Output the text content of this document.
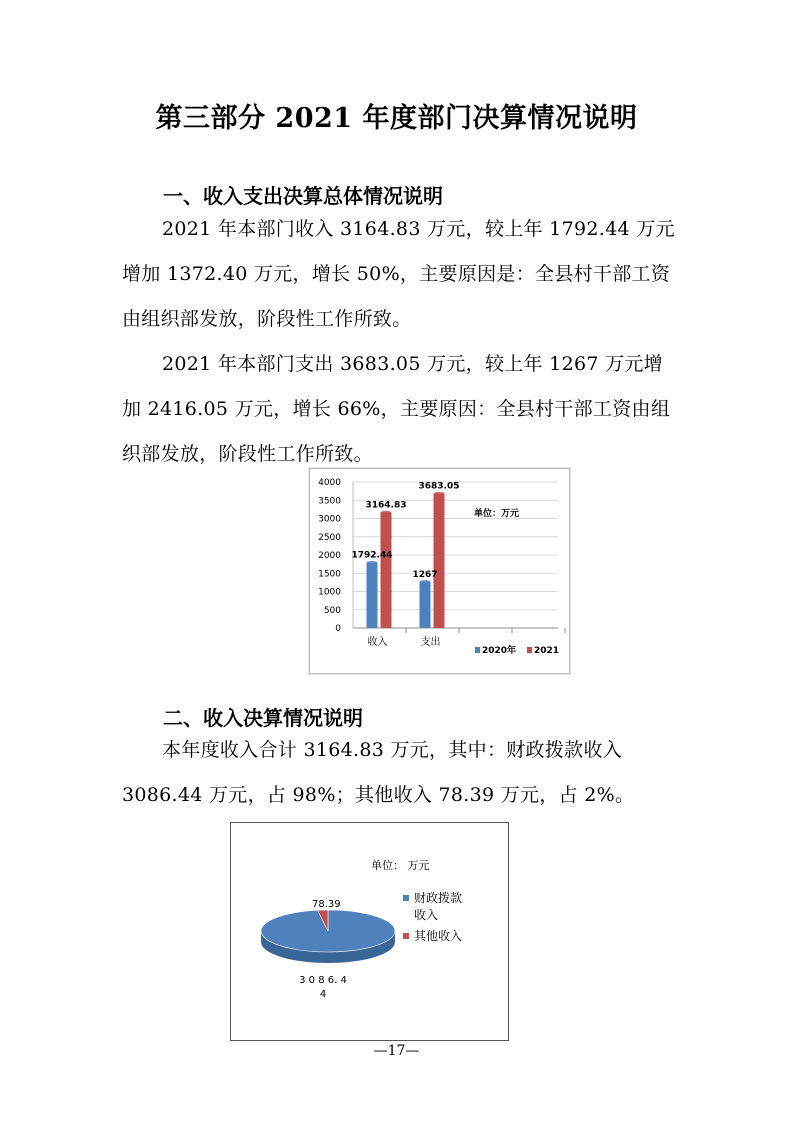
第三部分 2021 年度部门决算情况说明
一、收入支出决算总体情况说明

2021 年本部门收入 3164.83 万元，较上年 1792.44 万元增加 1372.40 万元，增长 50%，主要原因是：全县村干部工资由组织部发放，阶段性工作所致。

2021 年本部门支出 3683.05 万元，较上年 1267 万元增加 2416.05 万元，增长 66%，主要原因：全县村干部工资由组织部发放，阶段性工作所致。

0
500
1000
1500
2000
2500
3000
3500
4000
收入
1792.44
3164.83
支出
1267
3683.05
单位：万元
2020年 2021
二、收入决算情况说明

本年度收入合计 3164.83 万元，其中：财政拨款收入 3086.44 万元，占 98%；其他收入 78.39 万元，占 2%。

单位： 万元
78.39
3 0 8 6. 4
4
财政拨款
收入
其他收入
—17—
